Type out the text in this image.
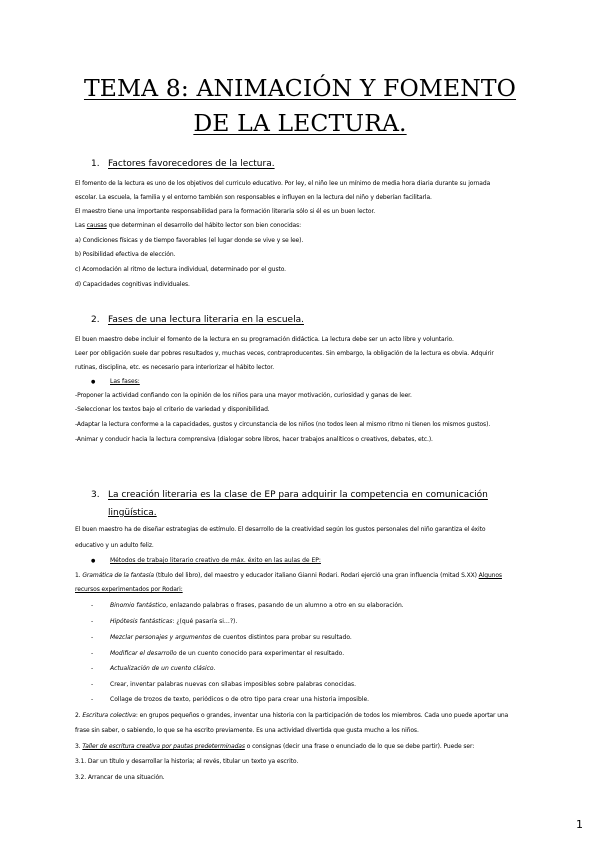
TEMA 8: ANIMACIÓN Y FOMENTO
DE LA LECTURA.
1. Factores favorecedores de la lectura.
El fomento de la lectura es uno de los objetivos del curriculo educativo. Por ley, el niño lee un mínimo de media hora diaria durante su jornada
escolar. La escuela, la familia y el entorno también son responsables e influyen en la lectura del niño y deberían facilitarla.
El maestro tiene una importante responsabilidad para la formación literaria sólo si él es un buen lector.
Las causas que determinan el desarrollo del hábito lector son bien conocidas:
a) Condiciones físicas y de tiempo favorables (el lugar donde se vive y se lee).
b) Posibilidad efectiva de elección.
c) Acomodación al ritmo de lectura individual, determinado por el gusto.
d) Capacidades cognitivas individuales.
2. Fases de una lectura literaria en la escuela.
El buen maestro debe incluir el fomento de la lectura en su programación didáctica. La lectura debe ser un acto libre y voluntario.
Leer por obligación suele dar pobres resultados y, muchas veces, contraproducentes. Sin embargo, la obligación de la lectura es obvia. Adquirir
rutinas, disciplina, etc. es necesario para interiorizar el hábito lector.
● Las fases:
-Proponer la actividad confiando con la opinión de los niños para una mayor motivación, curiosidad y ganas de leer.
-Seleccionar los textos bajo el criterio de variedad y disponibilidad.
-Adaptar la lectura conforme a la capacidades, gustos y circunstancia de los niños (no todos leen al mismo ritmo ni tienen los mismos gustos).
-Animar y conducir hacia la lectura comprensiva (dialogar sobre libros, hacer trabajos analíticos o creativos, debates, etc.).
3. La creación literaria es la clase de EP para adquirir la competencia en comunicación
lingüística.
El buen maestro ha de diseñar estrategias de estímulo. El desarrollo de la creatividad según los gustos personales del niño garantiza el éxito
educativo y un adulto feliz.
● Métodos de trabajo literario creativo de máx. éxito en las aulas de EP:
1. Gramática de la fantasía (título del libro), del maestro y educador italiano Gianni Rodari. Rodari ejerció una gran influencia (mitad S.XX) Algunos
recursos experimentados por Rodari:
-	Binomio fantástico, enlazando palabras o frases, pasando de un alumno a otro en su elaboración.
-	Hipótesis fantásticas: ¿(qué pasaría si…?).
-	Mezclar personajes y argumentos de cuentos distintos para probar su resultado.
-	Modificar el desarrollo de un cuento conocido para experimentar el resultado.
-	Actualización de un cuento clásico.
-	Crear, inventar palabras nuevas con sílabas imposibles sobre palabras conocidas.
-	Collage de trozos de texto, periódicos o de otro tipo para crear una historia imposible.
2. Escritura colectiva: en grupos pequeños o grandes, inventar una historia con la participación de todos los miembros. Cada uno puede aportar una
frase sin saber, o sabiendo, lo que se ha escrito previamente. Es una actividad divertida que gusta mucho a los niños.
3. Taller de escritura creativa por pautas predeterminadas o consignas (decir una frase o enunciado de lo que se debe partir). Puede ser:
3.1. Dar un título y desarrollar la historia; al revés, titular un texto ya escrito.
3.2. Arrancar de una situación.
1
